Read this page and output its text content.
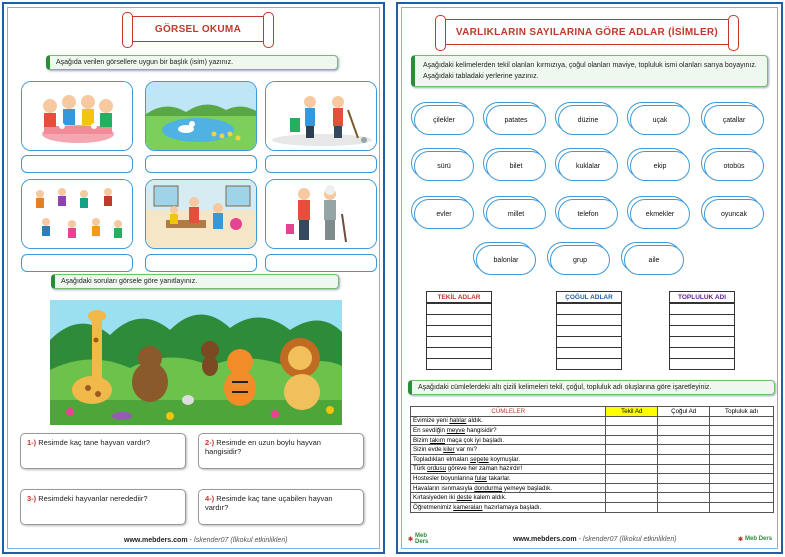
GÖRSEL OKUMA
Aşağıda verilen görsellere uygun bir başlık (isim) yazınız.
Aşağıdaki soruları görsele göre yanıtlayınız.
1-) Resimde kaç tane hayvan vardır?	2-) Resimde en uzun boylu hayvan hangisidir?
3-) Resimdeki hayvanlar neredediir?	4-) Resimde kaç tane uçabilen hayvan vardır?
www.mebders.com - İskender07 (İlkokul etkinlikleri)
VARLIKLARIN SAYILARINA GÖRE ADLAR (İSİMLER)
Aşağıdaki kelimelerden tekil olanları kırmızıya, çoğul olanları maviye, topluluk ismi olanları sarıya boyayınız. Aşağıdaki tabladaki yerlerine yazınız.
çilekler	patates	düzine	uçak	çatallar
sürü	bilet	kuklalar	ekip	otobüs
evler	millet	telefon	ekmekler	oyuncak
balonlar	grup	aile
TEKİL ADLAR	ÇOĞUL ADLAR	TOPLULUK ADI

Aşağıdaki cümlelerdeki altı çizili kelimeleri tekil, çoğul, topluluk adı oluşlarına göre işaretleyiniz.
CÜMLELER	Tekil Ad	Çoğul Ad	Topluluk adı
Evimize yeni halılar aldık.			
En sevdiğin meyve hangisidir?			
Bizim takım maça çok iyi başladı.			
Sizin evde kiler var mı?			
Topladıkları elmaları sepete koymuşlar.			
Türk ordusu göreve her zaman hazırdır!			
Hostesler boyunlarına fular takarlar.			
Havaların ısınmasıyla dondurma yemeye başladık.			
Kırtasiyeden iki deste kalem aldık.			
Öğretmenimiz kameraları hazırlamaya başladı.			
✱
Meb Ders	www.mebders.com - İskender07 (İlkokul etkinlikleri)	✱ Meb Ders
